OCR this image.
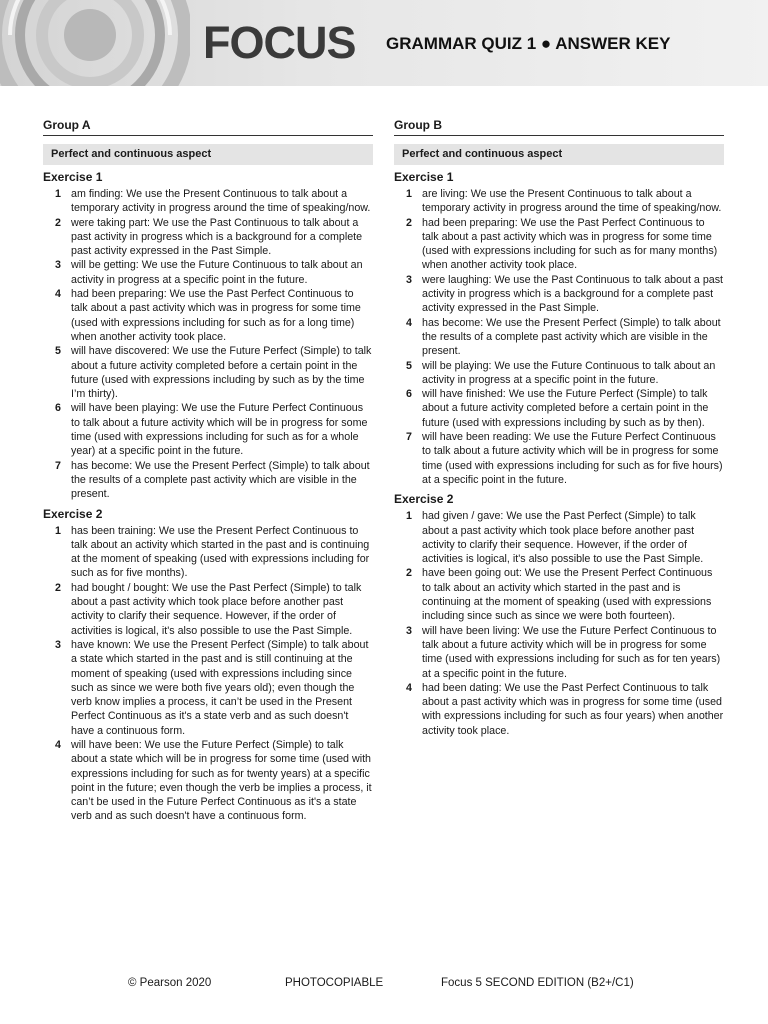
FOCUS GRAMMAR QUIZ 1 ● ANSWER KEY
Group A
Perfect and continuous aspect
Exercise 1
1 am finding: We use the Present Continuous to talk about a temporary activity in progress around the time of speaking/now.
2 were taking part: We use the Past Continuous to talk about a past activity in progress which is a background for a complete past activity expressed in the Past Simple.
3 will be getting: We use the Future Continuous to talk about an activity in progress at a specific point in the future.
4 had been preparing: We use the Past Perfect Continuous to talk about a past activity which was in progress for some time (used with expressions including for such as for a long time) when another activity took place.
5 will have discovered: We use the Future Perfect (Simple) to talk about a future activity completed before a certain point in the future (used with expressions including by such as by the time I’m thirty).
6 will have been playing: We use the Future Perfect Continuous to talk about a future activity which will be in progress for some time (used with expressions including for such as for a whole year) at a specific point in the future.
7 has become: We use the Present Perfect (Simple) to talk about the results of a complete past activity which are visible in the present.
Exercise 2
1 has been training: We use the Present Perfect Continuous to talk about an activity which started in the past and is continuing at the moment of speaking (used with expressions including for such as for five months).
2 had bought / bought: We use the Past Perfect (Simple) to talk about a past activity which took place before another past activity to clarify their sequence. However, if the order of activities is logical, it's also possible to use the Past Simple.
3 have known: We use the Present Perfect (Simple) to talk about a state which started in the past and is still continuing at the moment of speaking (used with expressions including since such as since we were both five years old); even though the verb know implies a process, it can’t be used in the Present Perfect Continuous as it's a state verb and as such doesn't have a continuous form.
4 will have been: We use the Future Perfect (Simple) to talk about a state which will be in progress for some time (used with expressions including for such as for twenty years) at a specific point in the future; even though the verb be implies a process, it can’t be used in the Future Perfect Continuous as it's a state verb and as such doesn't have a continuous form.
Group B
Perfect and continuous aspect
Exercise 1
1 are living: We use the Present Continuous to talk about a temporary activity in progress around the time of speaking/now.
2 had been preparing: We use the Past Perfect Continuous to talk about a past activity which was in progress for some time (used with expressions including for such as for many months) when another activity took place.
3 were laughing: We use the Past Continuous to talk about a past activity in progress which is a background for a complete past activity expressed in the Past Simple.
4 has become: We use the Present Perfect (Simple) to talk about the results of a complete past activity which are visible in the present.
5 will be playing: We use the Future Continuous to talk about an activity in progress at a specific point in the future.
6 will have finished: We use the Future Perfect (Simple) to talk about a future activity completed before a certain point in the future (used with expressions including by such as by then).
7 will have been reading: We use the Future Perfect Continuous to talk about a future activity which will be in progress for some time (used with expressions including for such as for five hours) at a specific point in the future.
Exercise 2
1 had given / gave: We use the Past Perfect (Simple) to talk about a past activity which took place before another past activity to clarify their sequence. However, if the order of activities is logical, it's also possible to use the Past Simple.
2 have been going out: We use the Present Perfect Continuous to talk about an activity which started in the past and is continuing at the moment of speaking (used with expressions including since such as since we were both fourteen).
3 will have been living: We use the Future Perfect Continuous to talk about a future activity which will be in progress for some time (used with expressions including for such as for ten years) at a specific point in the future.
4 had been dating: We use the Past Perfect Continuous to talk about a past activity which was in progress for some time (used with expressions including for such as four years) when another activity took place.
© Pearson 2020	PHOTOCOPIABLE	Focus 5 SECOND EDITION (B2+/C1)
